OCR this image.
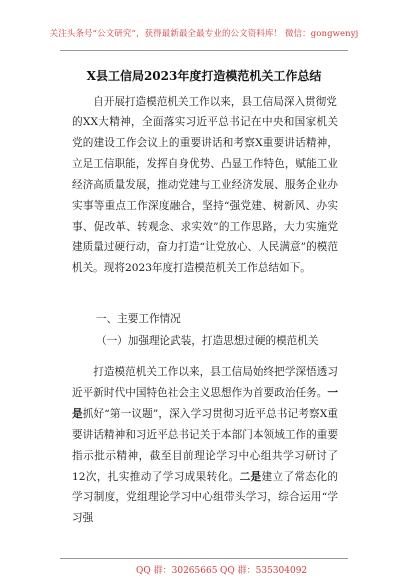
关注头条号“公文研究”，获得最新最全最专业的公文资料库！ 微信：gongwenyj
X县工信局2023年度打造模范机关工作总结

自开展打造模范机关工作以来，县工信局深入贯彻党

的XX大精神，全面落实习近平总书记在中央和国家机关党的建设工作会议上的重要讲话和考察X重要讲话精神，立足工信职能，发挥自身优势、凸显工作特色，赋能工业经济高质量发展，推动党建与工业经济发展、服务企业办实事等重点工作深度融合，坚持“强党建、树新风、办实事、促改革、转观念、求实效”的工作思路，大力实施党建质量过硬行动，奋力打造“让党放心、人民满意”的模范机关。现将2023年度打造模范机关工作总结如下。

一、主要工作情况

（一）加强理论武装，打造思想过硬的模范机关

打造模范机关工作以来，县工信局始终把学深悟透习近平新时代中国特色社会主义思想作为首要政治任务。一是抓好“第一议题”，深入学习贯彻习近平总书记考察X重要讲话精神和习近平总书记关于本部门本领域工作的重要指示批示精神，截至目前理论学习中心组共学习研讨了12次，扎实推动了学习成果转化。二是建立了常态化的学习制度，党组理论学习中心组带头学习，综合运用“学习强

QQ 群：30265665 QQ 群：535304092
